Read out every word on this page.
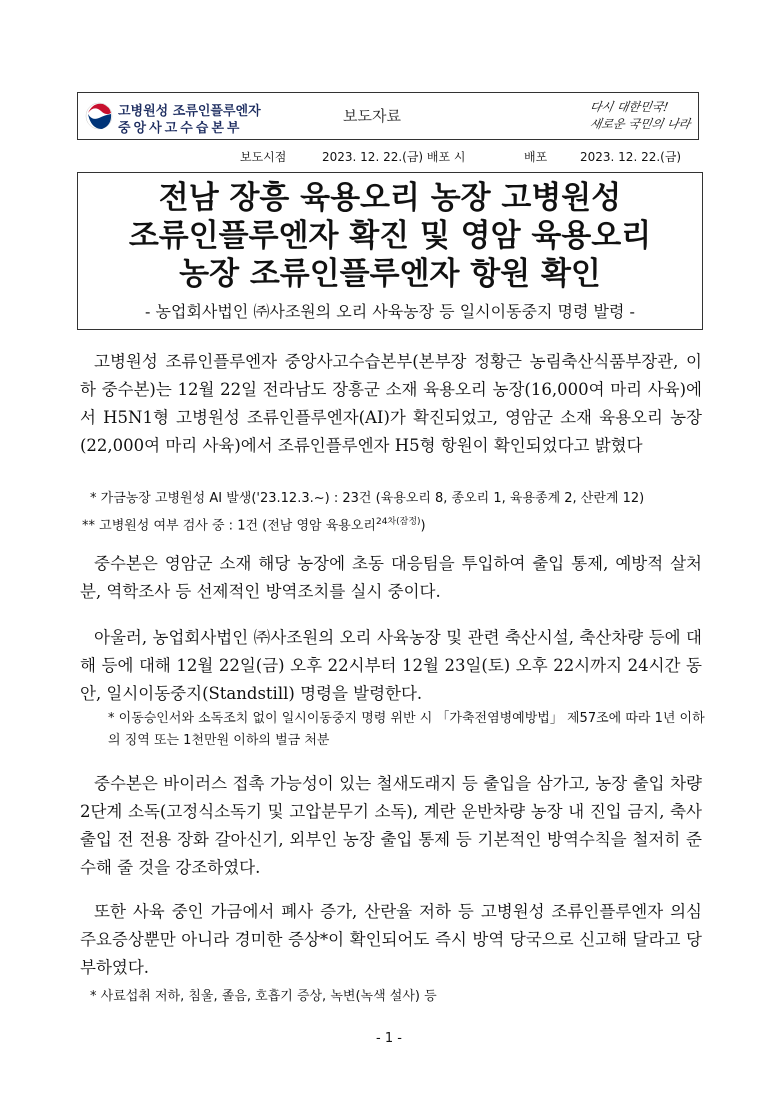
고병원성 조류인플루엔자
중앙사고수습본부
보도자료	다시 대한민국!
새로운 국민의 나라
보도시점	2023. 12. 22.(금) 배포 시	배포	2023. 12. 22.(금)
전남 장흥 육용오리 농장 고병원성
조류인플루엔자 확진 및 영암 육용오리
농장 조류인플루엔자 항원 확인
- 농업회사법인 ㈜사조원의 오리 사육농장 등 일시이동중지 명령 발령 -
고병원성 조류인플루엔자 중앙사고수습본부(본부장 정황근 농림축산식품부장관, 이하 중수본)는 12월 22일 전라남도 장흥군 소재 육용오리 농장(16,000여 마리 사육)에서 H5N1형 고병원성 조류인플루엔자(AI)가 확진되었고, 영암군 소재 육용오리 농장(22,000여 마리 사육)에서 조류인플루엔자 H5형 항원이 확인되었다고 밝혔다
* 가금농장 고병원성 AI 발생('23.12.3.~) : 23건 (육용오리 8, 종오리 1, 육용종계 2, 산란계 12)
** 고병원성 여부 검사 중 : 1건 (전남 영암 육용오리$^{24차(잠정)}$)
중수본은 영암군 소재 해당 농장에 초동 대응팀을 투입하여 출입 통제, 예방적 살처분, 역학조사 등 선제적인 방역조치를 실시 중이다.
아울러, 농업회사법인 ㈜사조원의 오리 사육농장 및 관련 축산시설, 축산차량 등에 대해 등에 대해 12월 22일(금) 오후 22시부터 12월 23일(토) 오후 22시까지 24시간 동안, 일시이동중지(Standstill) 명령을 발령한다.
* 이동승인서와 소독조치 없이 일시이동중지 명령 위반 시 「가축전염병예방법」 제57조에 따라 1년 이하의 징역 또는 1천만원 이하의 벌금 처분
중수본은 바이러스 접촉 가능성이 있는 철새도래지 등 출입을 삼가고, 농장 출입 차량 2단계 소독(고정식소독기 및 고압분무기 소독), 계란 운반차량 농장 내 진입 금지, 축사 출입 전 전용 장화 갈아신기, 외부인 농장 출입 통제 등 기본적인 방역수칙을 철저히 준수해 줄 것을 강조하였다.
또한 사육 중인 가금에서 폐사 증가, 산란율 저하 등 고병원성 조류인플루엔자 의심 주요증상뿐만 아니라 경미한 증상*이 확인되어도 즉시 방역 당국으로 신고해 달라고 당부하였다.
* 사료섭취 저하, 침울, 졸음, 호흡기 증상, 녹변(녹색 설사) 등
- 1 -
